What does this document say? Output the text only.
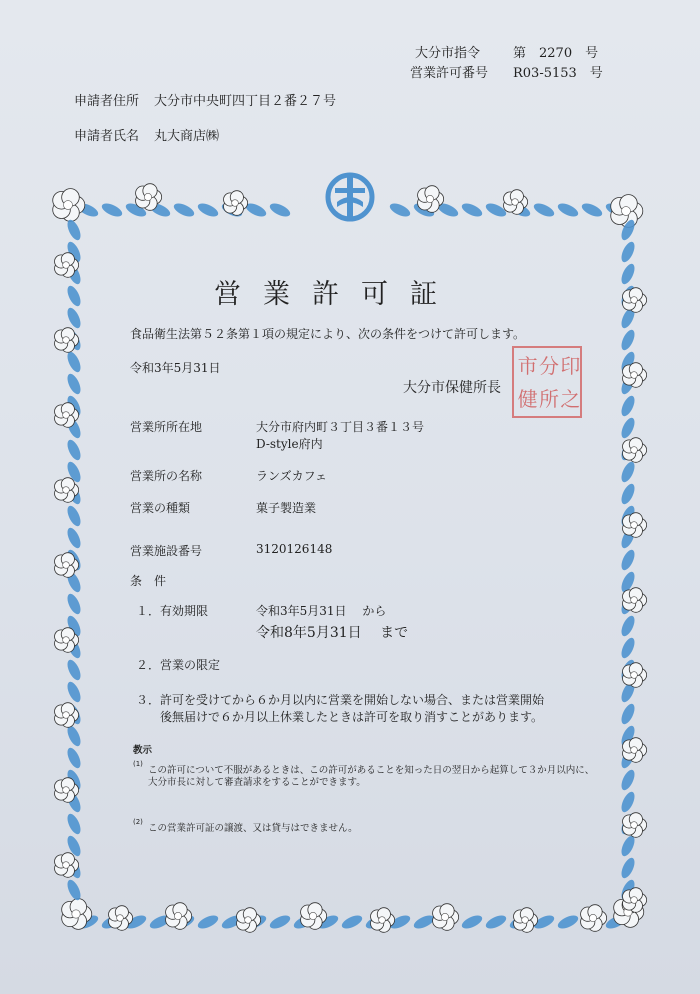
大分市指令	第　2270　号
営業許可番号 R03-5153　号
申請者住所 大分市中央町四丁目２番２７号
申請者氏名 丸大商店㈱
営業許可証
食品衛生法第５２条第１項の規定により、次の条件をつけて許可します。
令和3年5月31日
大分市保健所長
市
健
分
所
印
之
営業所所在地	大分市府内町３丁目３番１３号
D-style府内
営業所の名称	ランズカフェ
営業の種類	菓子製造業
営業施設番号	3120126148
条　件
１．有効期限	令和3年5月31日　 から
令和8年5月31日　 まで
２．営業の限定
３． 許可を受けてから６か月以内に営業を開始しない場合、または営業開始
後無届けで６か月以上休業したときは許可を取り消すことがあります。
教示
(1)
この許可について不服があるときは、この許可があることを知った日の翌日から起算して３か月以内に、
大分市長に対して審査請求をすることができます。
(2)
この営業許可証の譲渡、又は貸与はできません。
